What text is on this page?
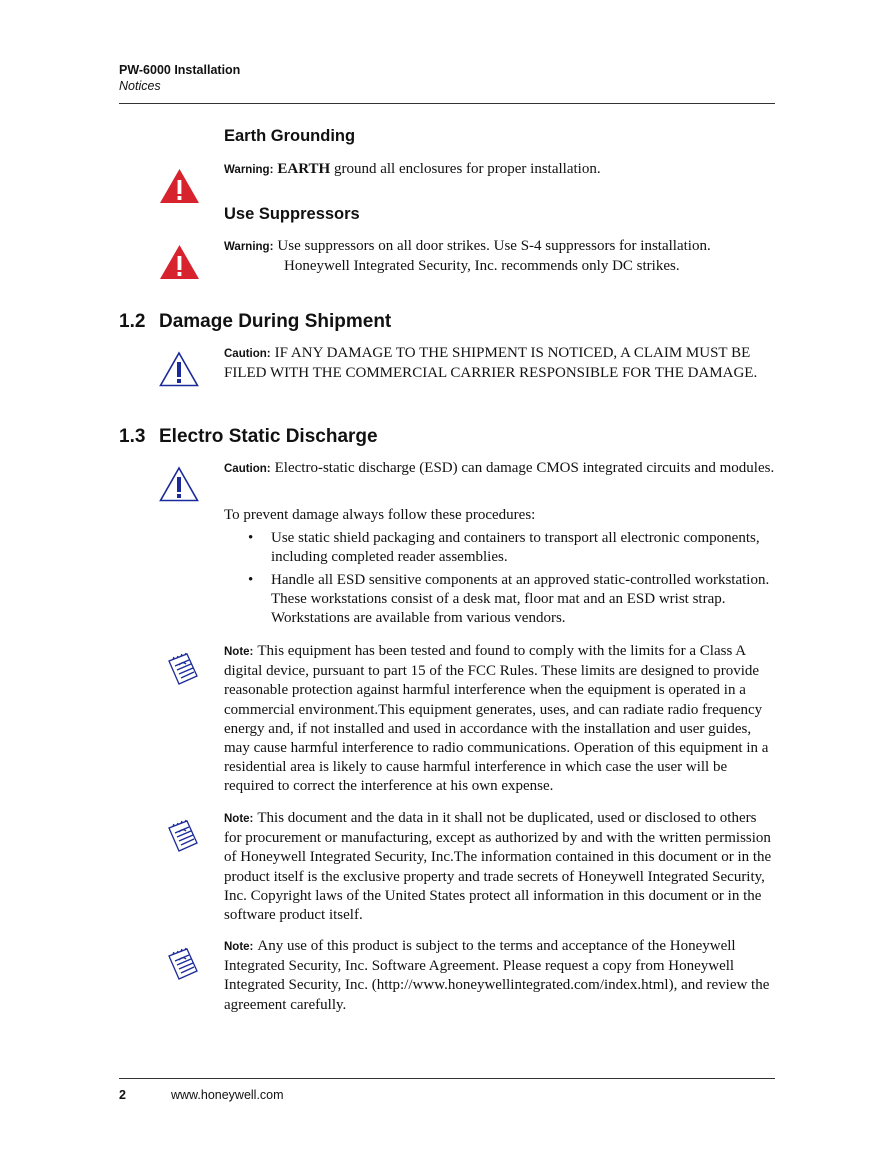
PW-6000 Installation
Notices
Earth Grounding
Warning: EARTH ground all enclosures for proper installation.
Use Suppressors
Warning: Use suppressors on all door strikes. Use S-4 suppressors for installation.
Honeywell Integrated Security, Inc. recommends only DC strikes.
1.2 Damage During Shipment
Caution: IF ANY DAMAGE TO THE SHIPMENT IS NOTICED, A CLAIM MUST BE FILED WITH THE COMMERCIAL CARRIER RESPONSIBLE FOR THE DAMAGE.
1.3 Electro Static Discharge
Caution: Electro-static discharge (ESD) can damage CMOS integrated circuits and modules.
To prevent damage always follow these procedures:
• Use static shield packaging and containers to transport all electronic components, including completed reader assemblies.
• Handle all ESD sensitive components at an approved static-controlled workstation. These workstations consist of a desk mat, floor mat and an ESD wrist strap. Workstations are available from various vendors.
Note: This equipment has been tested and found to comply with the limits for a Class A digital device, pursuant to part 15 of the FCC Rules. These limits are designed to provide reasonable protection against harmful interference when the equipment is operated in a commercial environment.This equipment generates, uses, and can radiate radio frequency energy and, if not installed and used in accordance with the installation and user guides, may cause harmful interference to radio communications. Operation of this equipment in a residential area is likely to cause harmful interference in which case the user will be required to correct the interference at his own expense.
Note: This document and the data in it shall not be duplicated, used or disclosed to others for procurement or manufacturing, except as authorized by and with the written permission of Honeywell Integrated Security, Inc.The information contained in this document or in the product itself is the exclusive property and trade secrets of Honeywell Integrated Security, Inc. Copyright laws of the United States protect all information in this document or in the software product itself.
Note: Any use of this product is subject to the terms and acceptance of the Honeywell Integrated Security, Inc. Software Agreement. Please request a copy from Honeywell Integrated Security, Inc. (http://www.honeywellintegrated.com/index.html), and review the agreement carefully.
2	www.honeywell.com
